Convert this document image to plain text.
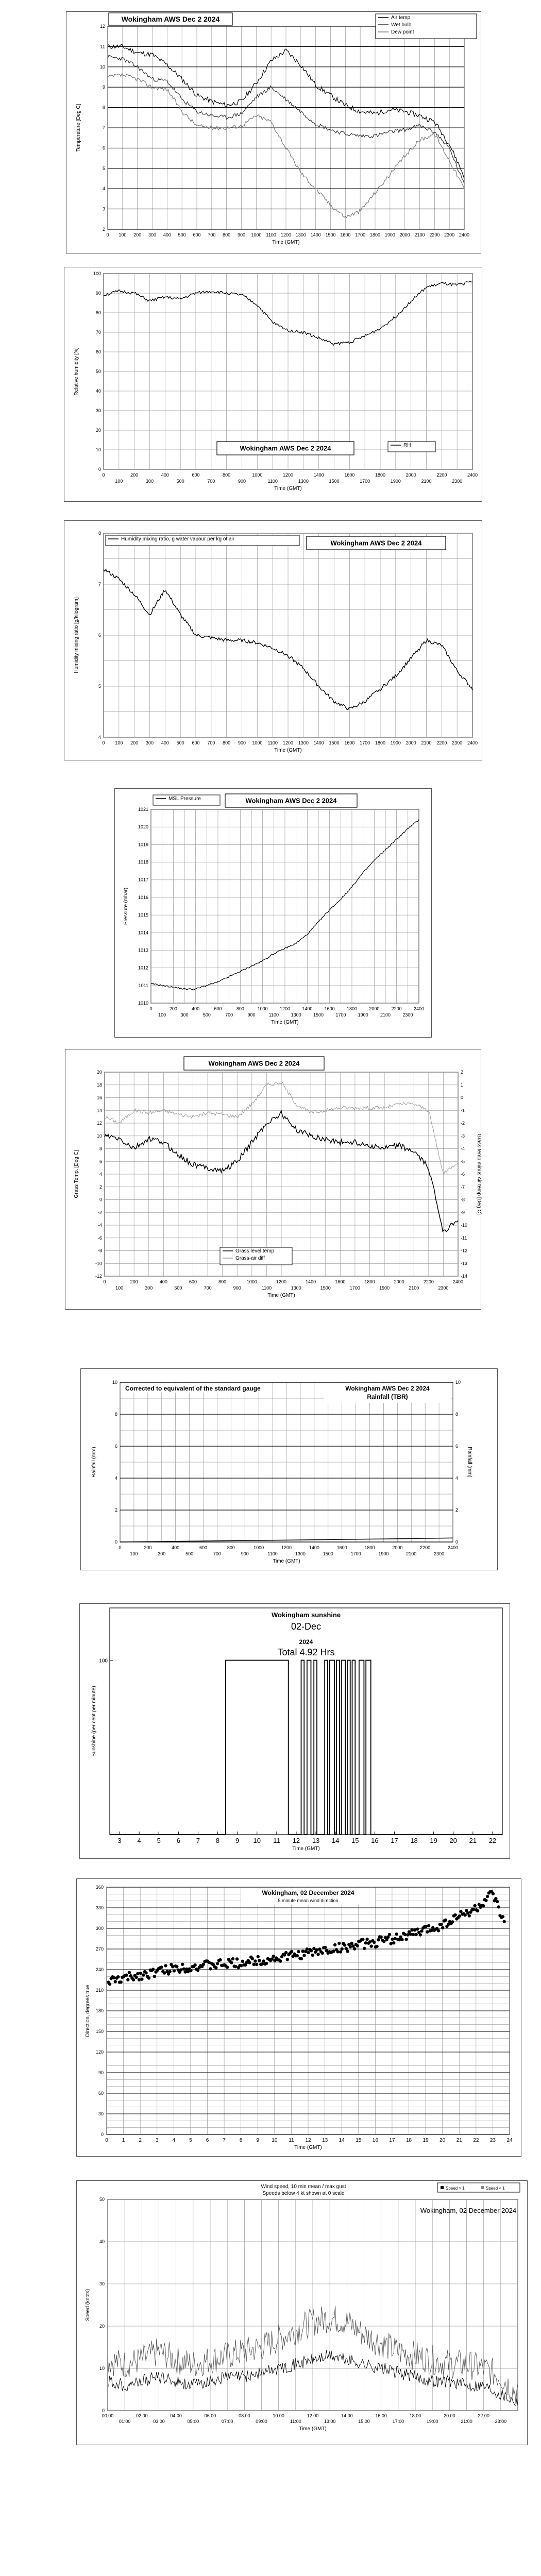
2
3
4
5
6
7
8
9
10
11
12
0 100 200 300 400 500 600 700 800 900 1000 1100 1200 1300 1400 1500 1600 1700 1800 1900 2000 2100 2200 2300 2400
Time (GMT)
Temperature [Deg C]
Wokingham AWS Dec 2 2024	Air temp
Wet bulb
Dew point
0
10
20
30
40
50
60
70
80
90
100
0	200	400	600	800	1000	1200	1400	1600	1800	2000	2200	2400
100	300	500	700	900	1100	1300	1500	1700	1900	2100	2300
Time (GMT)
Relative humidity [%]
Wokingham AWS Dec 2 2024	RH
4
5
6
7
8
0 100 200 300 400 500 600 700 800 900 1000 1100 1200 1300 1400 1500 1600 1700 1800 1900 2000 2100 2200 2300 2400
Time (GMT)
Humidity mixing ratio [g/kilogram]
Humidity mixing ratio, g water vapour per kg of air
Wokingham AWS Dec 2 2024
1010
1011
1012
1013
1014
1015
1016
1017
1018
1019
1020
1021
0	200	400	600	800	1000	1200	1400	1600	1800	2000	2200	2400
100	300	500	700	900	1100	1300	1500	1700	1900	2100	2300
Time (GMT)
Pressure (mbar)
MSL Pressure	Wokingham AWS Dec 2 2024
20
18
16
14
12
10
8
6
4
2
0
-2
-4
-6
-8
-10
-12
2
1
0
-1
-2
-3
-4
-5
-6
-7
-8
-9
-10
-11
-12
-13
-14
0	200	400	600	800	1000	1200	1400	1600	1800	2000	2200	2400
100	300	500	700	900	1100	1300	1500	1700	1900	2100	2300
Time (GMT)
Grass Temp. [Deg C]	Grass temp minus Air temp [Deg C]
Wokingham AWS Dec 2 2024
Grass level temp
Grass-air diff
0
2
4
6
8
10
0
2
4
6
8
10
0	200	400	600	800	1000	1200	1400	1600	1800	2000	2200	2400
100	300	500	700	900	1100	1300	1500	1700	1900	2100	2300
Time (GMT)
Rainfall (mm)	Rainfall (mm)
Corrected to equivalent of the standard gauge	Wokingham AWS Dec 2 2024
Rainfall (TBR)
100
3 4 5 6 7 8 9 10 11 12 13 14 15 16 17 18 19 20 21 22
Time (GMT)
Sunshine (per cent per minute)
Wokingham sunshine
02-Dec
2024
Total 4.92 Hrs
360
330
300
270
240
210
180
150
120
90
60
30
0
0	1	2	3	4	5	6	7	8	9 10 11 12 13 14 15 16 17 18 19 20 21 22 23 24
Time (GMT)
Direction, degrees true
Wokingham, 02 December 2024
5 minute mean wind direction
0
10
20
30
40
50
00:00	02:00	04:00	06:00	08:00	10:00	12:00	14:00	16:00	18:00	20:00	22:00
01:00	03:00	05:00	07:00	09:00	11:00	13:00	15:00	17:00	19:00	21:00	23:00
Time (GMT)
Speed (knots)
Wind speed, 10 min mean / max gust
Speeds below 4 kt shown at 0 scale
Wokingham, 02 December 2024
Speed > 1	Speed < 1
